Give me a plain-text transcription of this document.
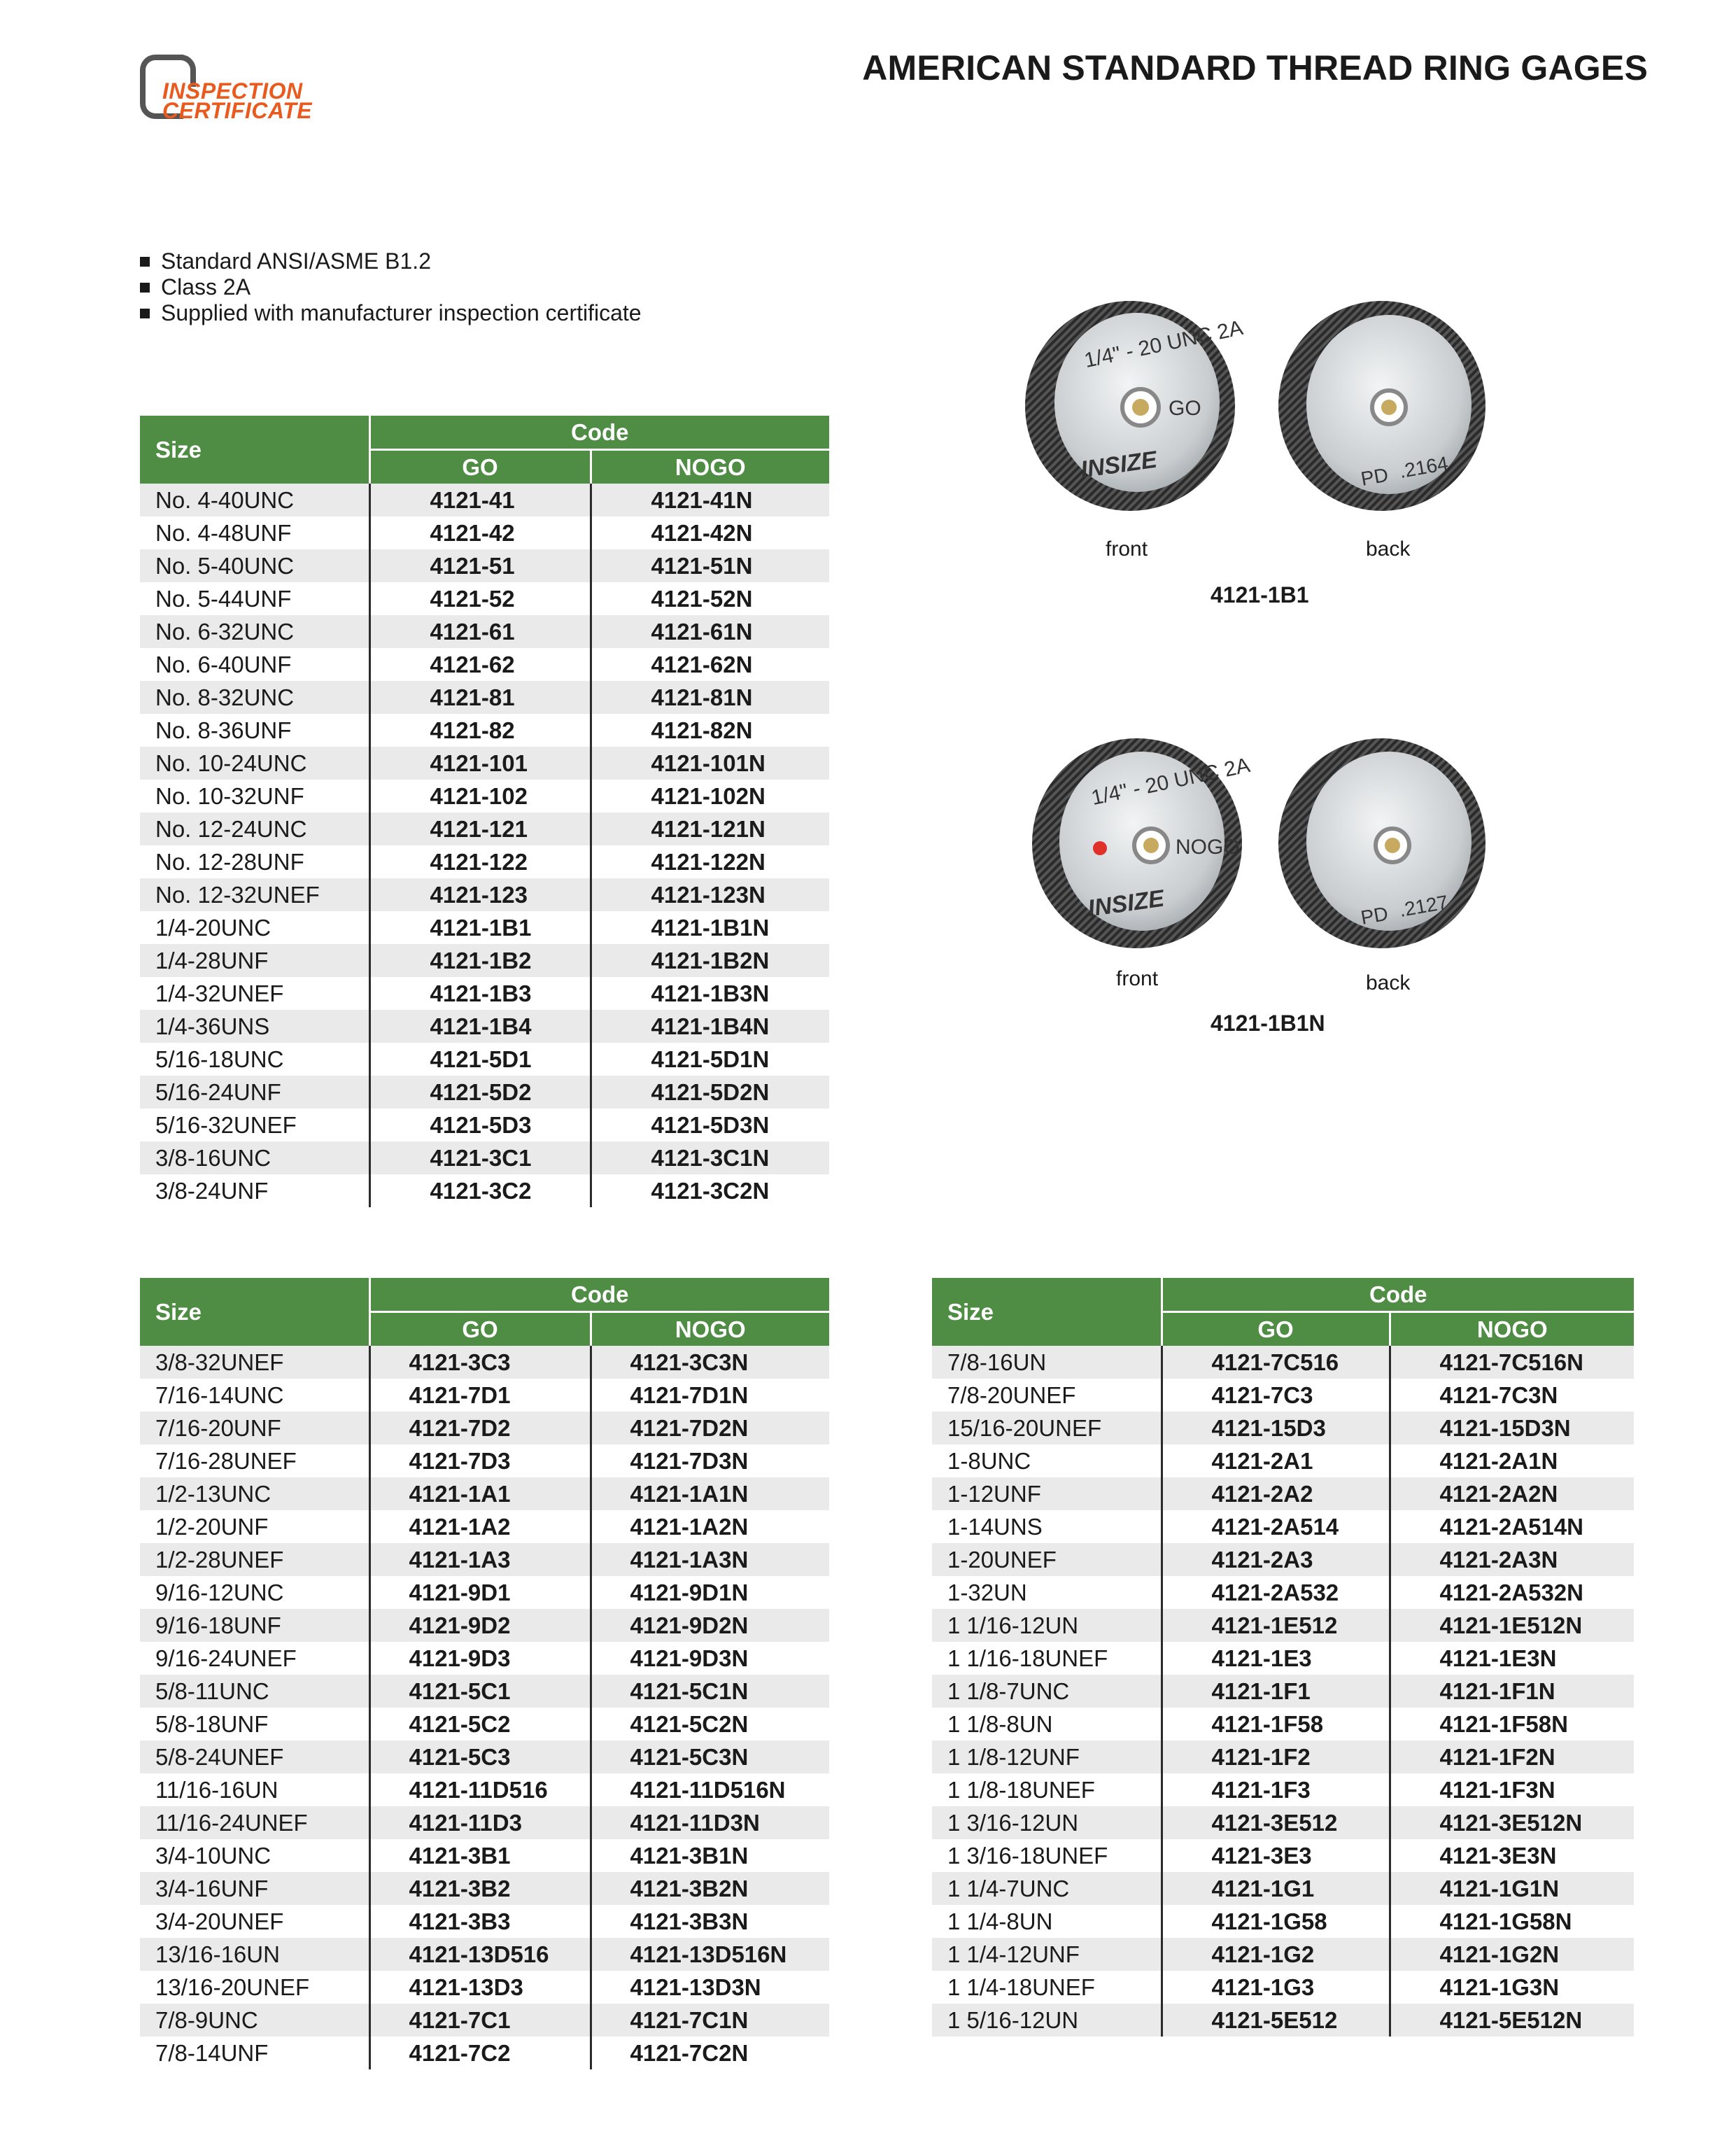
INSPECTION
CERTIFICATE
AMERICAN STANDARD THREAD RING GAGES
Standard ANSI/ASME B1.2
Class 2A
Supplied with manufacturer inspection certificate
Size	Code	
	GO	NOGO
No. 4-40UNC	4121-41	4121-41N
No. 4-48UNF	4121-42	4121-42N
No. 5-40UNC	4121-51	4121-51N
No. 5-44UNF	4121-52	4121-52N
No. 6-32UNC	4121-61	4121-61N
No. 6-40UNF	4121-62	4121-62N
No. 8-32UNC	4121-81	4121-81N
No. 8-36UNF	4121-82	4121-82N
No. 10-24UNC	4121-101	4121-101N
No. 10-32UNF	4121-102	4121-102N
No. 12-24UNC	4121-121	4121-121N
No. 12-28UNF	4121-122	4121-122N
No. 12-32UNEF	4121-123	4121-123N
1/4-20UNC	4121-1B1	4121-1B1N
1/4-28UNF	4121-1B2	4121-1B2N
1/4-32UNEF	4121-1B3	4121-1B3N
1/4-36UNS	4121-1B4	4121-1B4N
5/16-18UNC	4121-5D1	4121-5D1N
5/16-24UNF	4121-5D2	4121-5D2N
5/16-32UNEF	4121-5D3	4121-5D3N
3/8-16UNC	4121-3C1	4121-3C1N
3/8-24UNF	4121-3C2	4121-3C2N
Size	Code	
	GO	NOGO
3/8-32UNEF	4121-3C3	4121-3C3N
7/16-14UNC	4121-7D1	4121-7D1N
7/16-20UNF	4121-7D2	4121-7D2N
7/16-28UNEF	4121-7D3	4121-7D3N
1/2-13UNC	4121-1A1	4121-1A1N
1/2-20UNF	4121-1A2	4121-1A2N
1/2-28UNEF	4121-1A3	4121-1A3N
9/16-12UNC	4121-9D1	4121-9D1N
9/16-18UNF	4121-9D2	4121-9D2N
9/16-24UNEF	4121-9D3	4121-9D3N
5/8-11UNC	4121-5C1	4121-5C1N
5/8-18UNF	4121-5C2	4121-5C2N
5/8-24UNEF	4121-5C3	4121-5C3N
11/16-16UN	4121-11D516	4121-11D516N
11/16-24UNEF	4121-11D3	4121-11D3N
3/4-10UNC	4121-3B1	4121-3B1N
3/4-16UNF	4121-3B2	4121-3B2N
3/4-20UNEF	4121-3B3	4121-3B3N
13/16-16UN	4121-13D516	4121-13D516N
13/16-20UNEF	4121-13D3	4121-13D3N
7/8-9UNC	4121-7C1	4121-7C1N
7/8-14UNF	4121-7C2	4121-7C2N
Size	Code	
	GO	NOGO
7/8-16UN	4121-7C516	4121-7C516N
7/8-20UNEF	4121-7C3	4121-7C3N
15/16-20UNEF	4121-15D3	4121-15D3N
1-8UNC	4121-2A1	4121-2A1N
1-12UNF	4121-2A2	4121-2A2N
1-14UNS	4121-2A514	4121-2A514N
1-20UNEF	4121-2A3	4121-2A3N
1-32UN	4121-2A532	4121-2A532N
1 1/16-12UN	4121-1E512	4121-1E512N
1 1/16-18UNEF	4121-1E3	4121-1E3N
1 1/8-7UNC	4121-1F1	4121-1F1N
1 1/8-8UN	4121-1F58	4121-1F58N
1 1/8-12UNF	4121-1F2	4121-1F2N
1 1/8-18UNEF	4121-1F3	4121-1F3N
1 3/16-12UN	4121-3E512	4121-3E512N
1 3/16-18UNEF	4121-3E3	4121-3E3N
1 1/4-7UNC	4121-1G1	4121-1G1N
1 1/4-8UN	4121-1G58	4121-1G58N
1 1/4-12UNF	4121-1G2	4121-1G2N
1 1/4-18UNEF	4121-1G3	4121-1G3N
1 5/16-12UN	4121-5E512	4121-5E512N
1/4" - 20 UNC 2A
GO
INSIZE	PD .2164
front	back
4121-1B1
1/4" - 20 UNC 2A
NOGO
INSIZE	PD .2127
front	back
4121-1B1N
